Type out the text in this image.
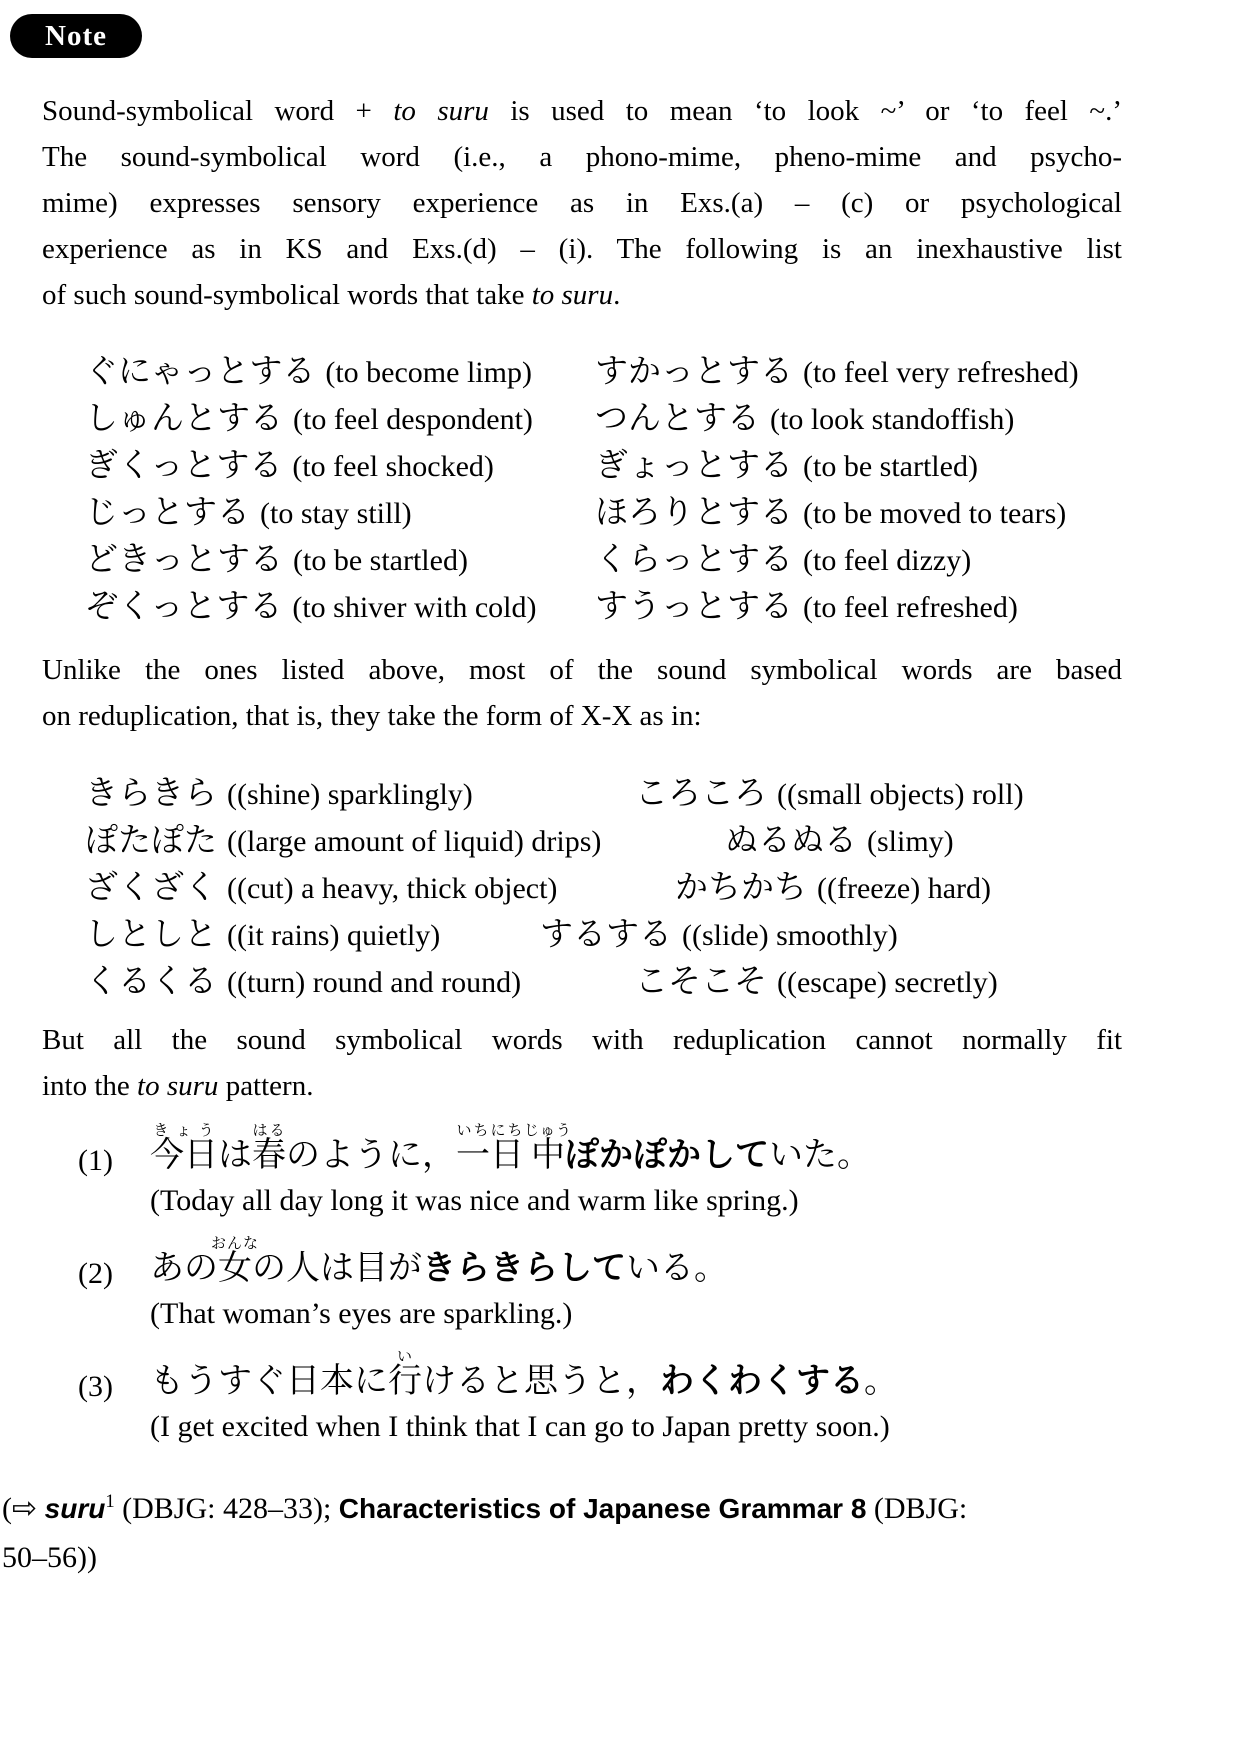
Note
Sound-symbolical word + to suru is used to mean ‘to look ~’ or ‘to feel ~.’
The sound-symbolical word (i.e., a phono-mime, pheno-mime and psycho-
mime) expresses sensory experience as in Exs.(a) – (c) or psychological
experience as in KS and Exs.(d) – (i). The following is an inexhaustive list
of such sound-symbolical words that take to suru.
ぐにゃっとする (to become limp)	すかっとする (to feel very refreshed)
しゅんとする (to feel despondent)	つんとする (to look standoffish)
ぎくっとする (to feel shocked)	ぎょっとする (to be startled)
じっとする (to stay still)	ほろりとする (to be moved to tears)
どきっとする (to be startled)	くらっとする (to feel dizzy)
ぞくっとする (to shiver with cold)	すうっとする (to feel refreshed)
Unlike the ones listed above, most of the sound symbolical words are based
on reduplication, that is, they take the form of X-X as in:
きらきら ((shine) sparklingly)	ころころ ((small objects) roll)
ぽたぽた ((large amount of liquid) drips)	ぬるぬる (slimy)
ざくざく ((cut) a heavy, thick object)	かちかち ((freeze) hard)
しとしと ((it rains) quietly)	するする ((slide) smoothly)
くるくる ((turn) round and round)	こそこそ ((escape) secretly)
But all the sound symbolical words with reduplication cannot normally fit
into the to suru pattern.
(1)	今日きょうは春はるのように，一日いちにち中じゅうぽかぽかしていた。
(Today all day long it was nice and warm like spring.)
(2)	あの女おんなの人は目がきらきらしている。
(That woman’s eyes are sparkling.)
(3)	もうすぐ日本に行いけると思うと，わくわくする。
(I get excited when I think that I can go to Japan pretty soon.)
(⇨ suru$^1$ (DBJG: 428–33); Characteristics of Japanese Grammar 8 (DBJG:
50–56))
